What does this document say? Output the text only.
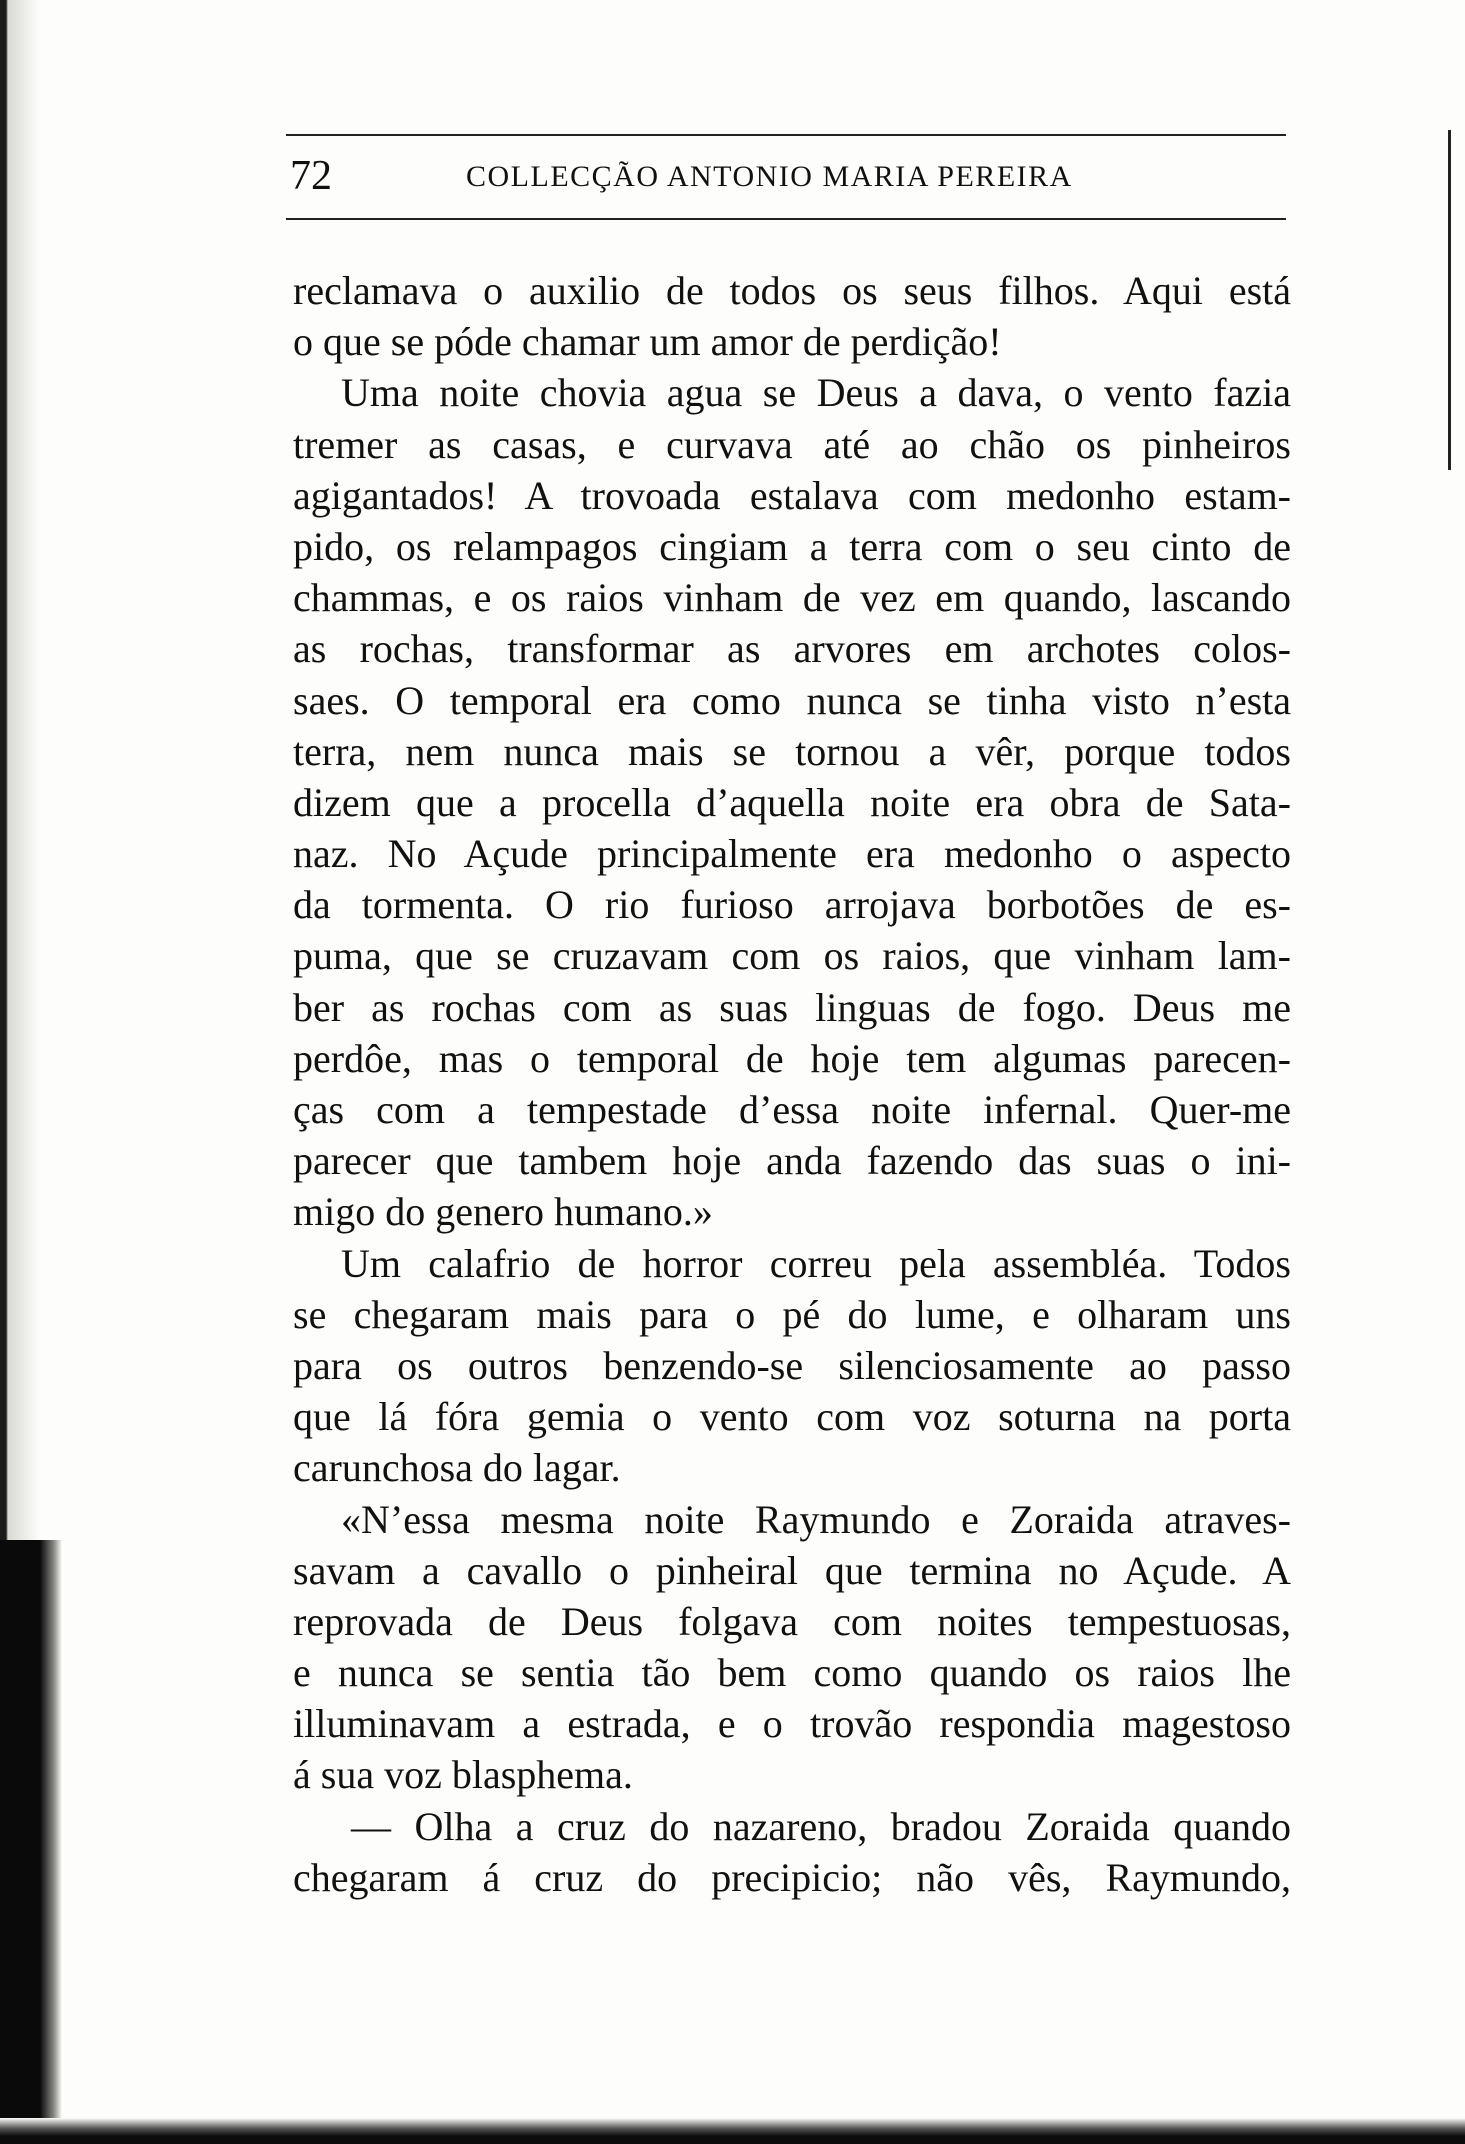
72	COLLECÇÃO ANTONIO MARIA PEREIRA
reclamava o auxilio de todos os seus filhos. Aqui está
o que se póde chamar um amor de perdição!
Uma noite chovia agua se Deus a dava, o vento fazia
tremer as casas, e curvava até ao chão os pinheiros
agigantados! A trovoada estalava com medonho estam-
pido, os relampagos cingiam a terra com o seu cinto de
chammas, e os raios vinham de vez em quando, lascando
as rochas, transformar as arvores em archotes colos-
saes. O temporal era como nunca se tinha visto n’esta
terra, nem nunca mais se tornou a vêr, porque todos
dizem que a procella d’aquella noite era obra de Sata-
naz. No Açude principalmente era medonho o aspecto
da tormenta. O rio furioso arrojava borbotões de es-
puma, que se cruzavam com os raios, que vinham lam-
ber as rochas com as suas linguas de fogo. Deus me
perdôe, mas o temporal de hoje tem algumas parecen-
ças com a tempestade d’essa noite infernal. Quer-me
parecer que tambem hoje anda fazendo das suas o ini-
migo do genero humano.»
Um calafrio de horror correu pela assembléa. Todos
se chegaram mais para o pé do lume, e olharam uns
para os outros benzendo-se silenciosamente ao passo
que lá fóra gemia o vento com voz soturna na porta
carunchosa do lagar.
«N’essa mesma noite Raymundo e Zoraida atraves-
savam a cavallo o pinheiral que termina no Açude. A
reprovada de Deus folgava com noites tempestuosas,
e nunca se sentia tão bem como quando os raios lhe
illuminavam a estrada, e o trovão respondia magestoso
á sua voz blasphema.
— Olha a cruz do nazareno, bradou Zoraida quando
chegaram á cruz do precipicio; não vês, Raymundo,
